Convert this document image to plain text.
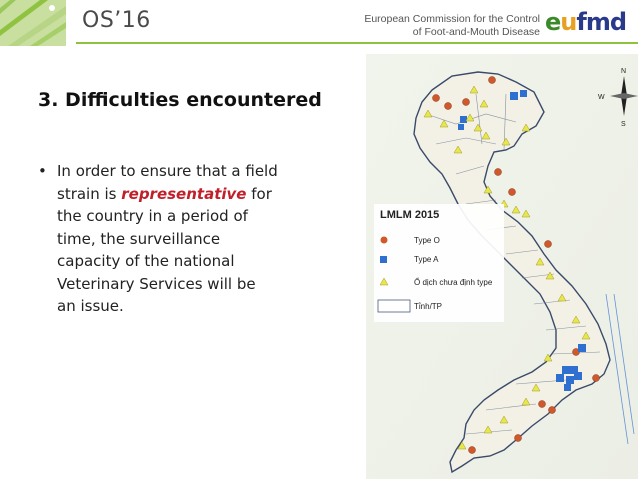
OS’16	European Commission for the Control
of Foot-and-Mouth Disease eufmd
3. Difficulties encountered
• In order to ensure that a field strain is representative for the country in a period of time, the surveillance capacity of the national Veterinary Services will be an issue.
LMLM 2015
Type O
Type A
Ổ dịch chưa định type
Tỉnh/TP
N
W
S
